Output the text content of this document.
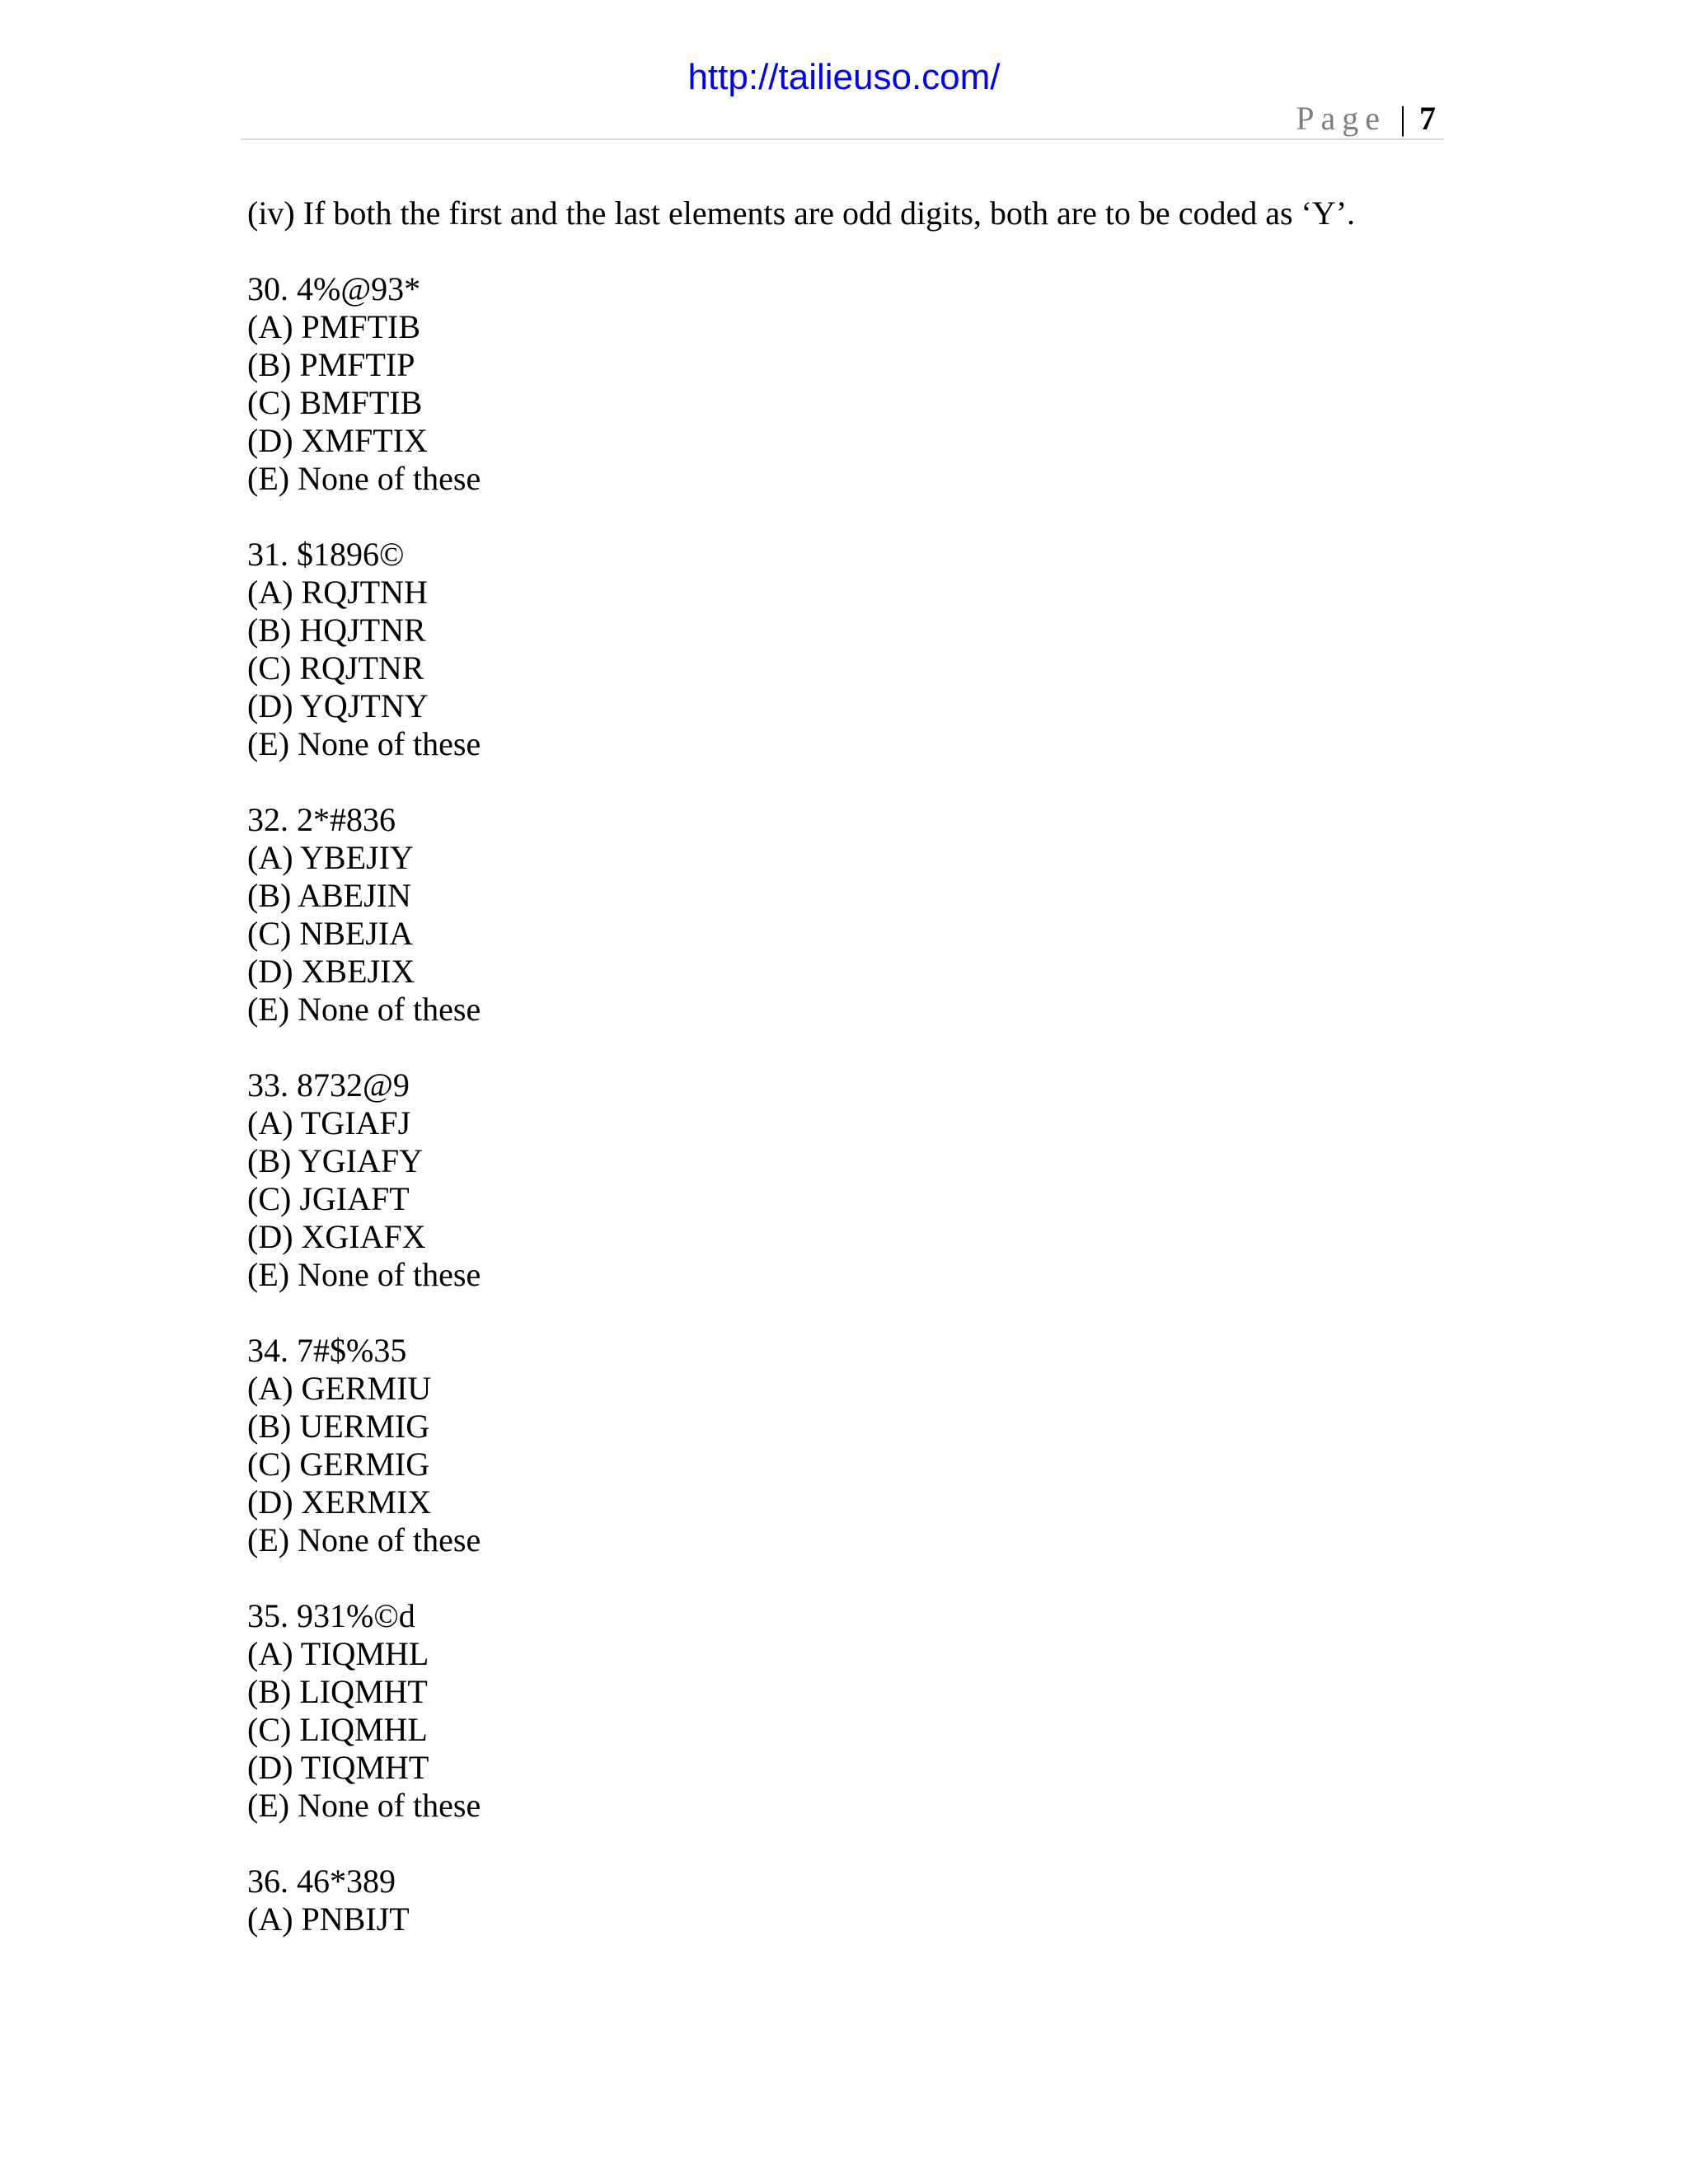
http://tailieuso.com/
Page | 7

(iv) If both the first and the last elements are odd digits, both are to be coded as ‘Y’.

30. 4%@93*
(A) PMFTIB
(B) PMFTIP
(C) BMFTIB
(D) XMFTIX
(E) None of these
31. $1896©
(A) RQJTNH
(B) HQJTNR
(C) RQJTNR
(D) YQJTNY
(E) None of these
32. 2*#836
(A) YBEJIY
(B) ABEJIN
(C) NBEJIA
(D) XBEJIX
(E) None of these
33. 8732@9
(A) TGIAFJ
(B) YGIAFY
(C) JGIAFT
(D) XGIAFX
(E) None of these
34. 7#$%35
(A) GERMIU
(B) UERMIG
(C) GERMIG
(D) XERMIX
(E) None of these
35. 931%©d
(A) TIQMHL
(B) LIQMHT
(C) LIQMHL
(D) TIQMHT
(E) None of these
36. 46*389
(A) PNBIJT
